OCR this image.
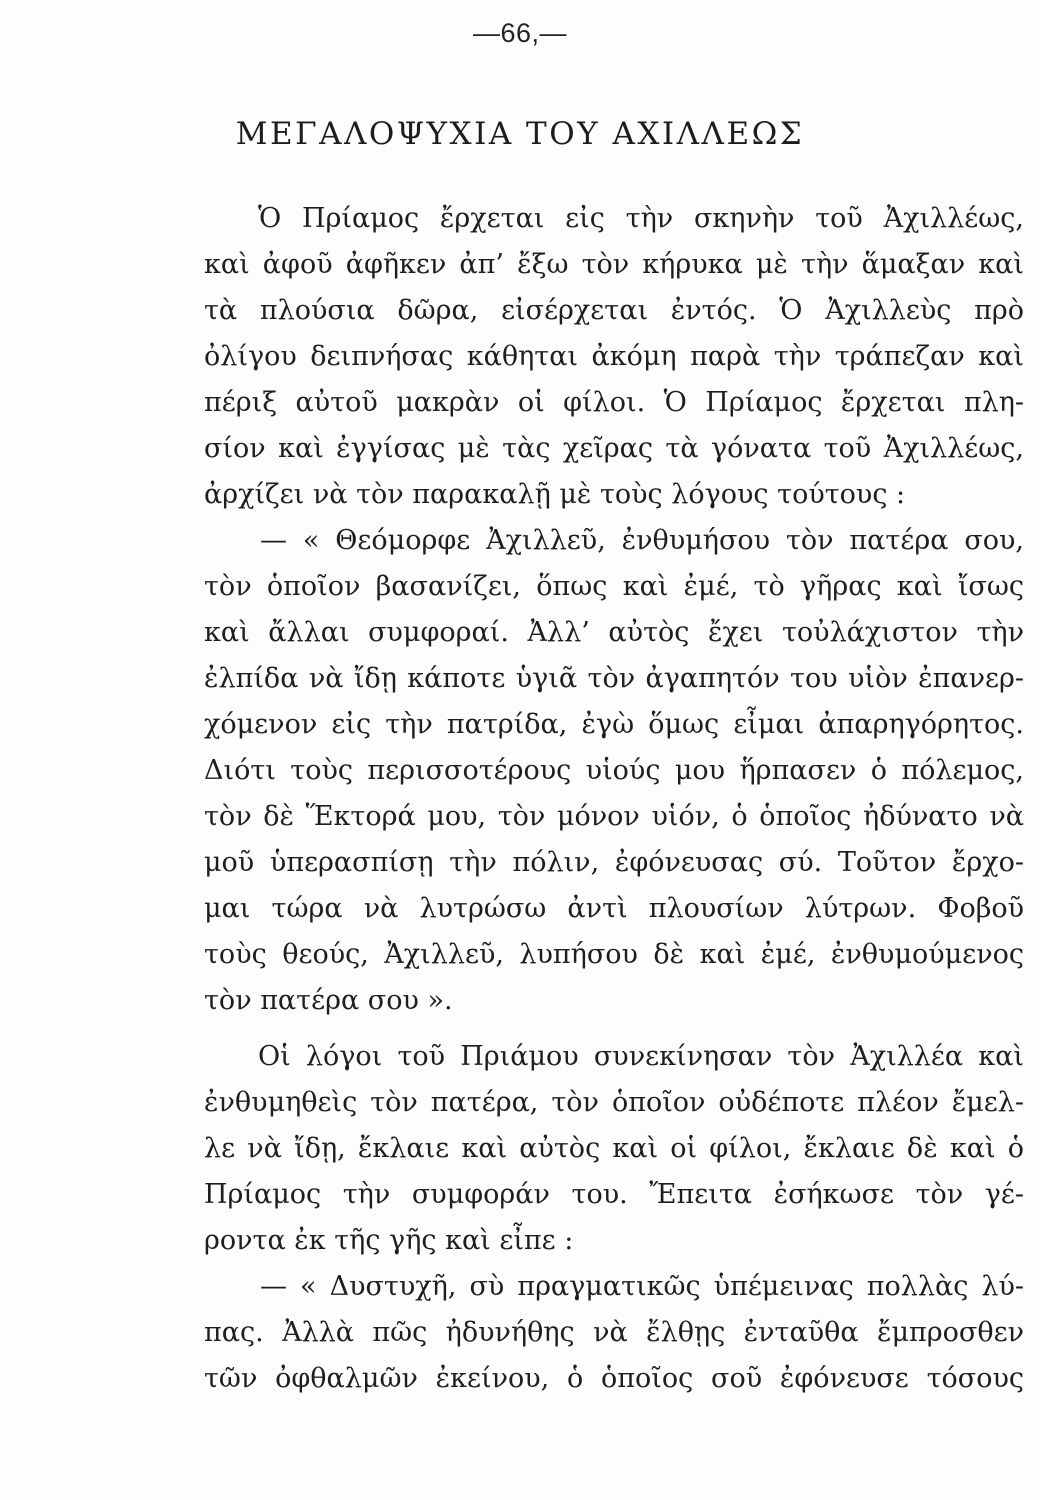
—66,—
ΜΕΓΑΛΟΨΥΧΙΑ ΤΟΥ ΑΧΙΛΛΕΩΣ
Ὁ Πρίαμος ἔρχεται εἰς τὴν σκηνὴν τοῦ Ἀχιλλέως,
καὶ ἀφοῦ ἀφῆκεν ἀπ’ ἔξω τὸν κήρυκα μὲ τὴν ἅμαξαν καὶ
τὰ πλούσια δῶρα, εἰσέρχεται ἐντός. Ὁ Ἀχιλλεὺς πρὸ
ὀλίγου δειπνήσας κάθηται ἀκόμη παρὰ τὴν τράπεζαν καὶ
πέριξ αὐτοῦ μακρὰν οἱ φίλοι. Ὁ Πρίαμος ἔρχεται πλη-
σίον καὶ ἐγγίσας μὲ τὰς χεῖρας τὰ γόνατα τοῦ Ἀχιλλέως,
ἀρχίζει νὰ τὸν παρακαλῇ μὲ τοὺς λόγους τούτους :
— « Θεόμορφε Ἀχιλλεῦ, ἐνθυμήσου τὸν πατέρα σου,
τὸν ὁποῖον βασανίζει, ὅπως καὶ ἐμέ, τὸ γῆρας καὶ ἴσως
καὶ ἄλλαι συμφοραί. Ἀλλ’ αὐτὸς ἔχει τοὐλάχιστον τὴν
ἐλπίδα νὰ ἴδῃ κάποτε ὑγιᾶ τὸν ἀγαπητόν του υἱὸν ἐπανερ-
χόμενον εἰς τὴν πατρίδα, ἐγὼ ὅμως εἶμαι ἀπαρηγόρητος.
Διότι τοὺς περισσοτέρους υἱούς μου ἥρπασεν ὁ πόλεμος,
τὸν δὲ Ἕκτορά μου, τὸν μόνον υἱόν, ὁ ὁποῖος ἠδύνατο νὰ
μοῦ ὑπερασπίσῃ τὴν πόλιν, ἐφόνευσας σύ. Τοῦτον ἔρχο-
μαι τώρα νὰ λυτρώσω ἀντὶ πλουσίων λύτρων. Φοβοῦ
τοὺς θεούς, Ἀχιλλεῦ, λυπήσου δὲ καὶ ἐμέ, ἐνθυμούμενος
τὸν πατέρα σου ».
Οἱ λόγοι τοῦ Πριάμου συνεκίνησαν τὸν Ἀχιλλέα καὶ
ἐνθυμηθεὶς τὸν πατέρα, τὸν ὁποῖον οὐδέποτε πλέον ἔμελ-
λε νὰ ἴδῃ, ἔκλαιε καὶ αὐτὸς καὶ οἱ φίλοι, ἔκλαιε δὲ καὶ ὁ
Πρίαμος τὴν συμφοράν του. Ἔπειτα ἐσήκωσε τὸν γέ-
ροντα ἐκ τῆς γῆς καὶ εἶπε :
— « Δυστυχῆ, σὺ πραγματικῶς ὑπέμεινας πολλὰς λύ-
πας. Ἀλλὰ πῶς ἠδυνήθης νὰ ἔλθῃς ἐνταῦθα ἔμπροσθεν
τῶν ὀφθαλμῶν ἐκείνου, ὁ ὁποῖος σοῦ ἐφόνευσε τόσους
